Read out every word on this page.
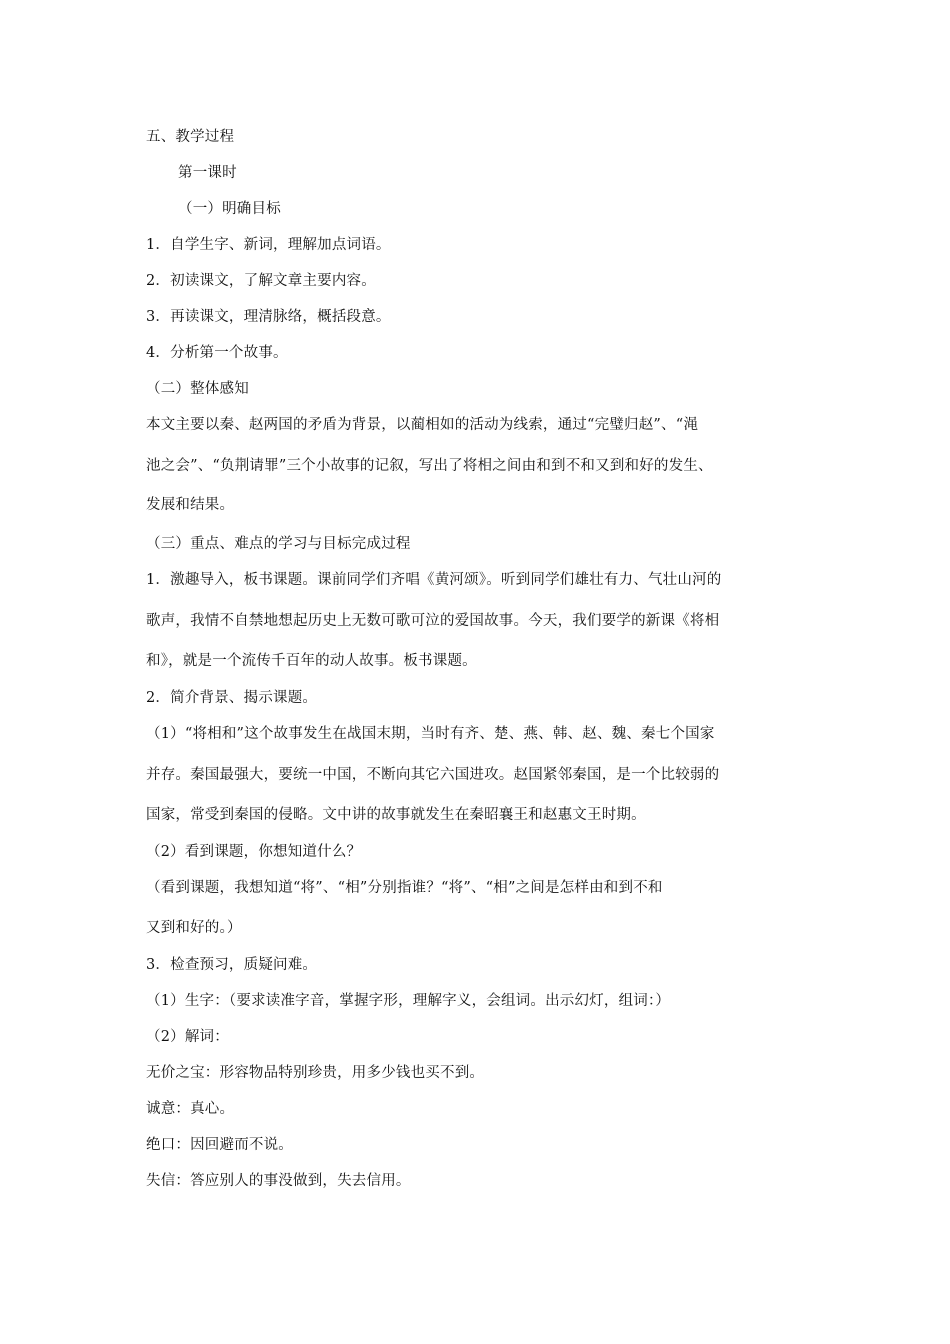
五、教学过程
第一课时
（一）明确目标
1．自学生字、新词，理解加点词语。
2．初读课文，了解文章主要内容。
3．再读课文，理清脉络，概括段意。
4．分析第一个故事。
（二）整体感知
本文主要以秦、赵两国的矛盾为背景，以蔺相如的活动为线索，通过“完璧归赵”、“渑
池之会”、“负荆请罪”三个小故事的记叙，写出了将相之间由和到不和又到和好的发生、
发展和结果。
（三）重点、难点的学习与目标完成过程
1．激趣导入，板书课题。课前同学们齐唱《黄河颂》。听到同学们雄壮有力、气壮山河的
歌声，我情不自禁地想起历史上无数可歌可泣的爱国故事。今天，我们要学的新课《将相
和》，就是一个流传千百年的动人故事。板书课题。
2．简介背景、揭示课题。
（1）“将相和”这个故事发生在战国末期，当时有齐、楚、燕、韩、赵、魏、秦七个国家
并存。秦国最强大，要统一中国，不断向其它六国进攻。赵国紧邻秦国，是一个比较弱的
国家，常受到秦国的侵略。文中讲的故事就发生在秦昭襄王和赵惠文王时期。
（2）看到课题，你想知道什么？
（看到课题，我想知道“将”、“相”分别指谁？“将”、“相”之间是怎样由和到不和
又到和好的。）
3．检查预习，质疑问难。
（1）生字：（要求读准字音，掌握字形，理解字义，会组词。出示幻灯，组词：）
（2）解词：
无价之宝：形容物品特别珍贵，用多少钱也买不到。
诚意：真心。
绝口：因回避而不说。
失信：答应别人的事没做到，失去信用。
